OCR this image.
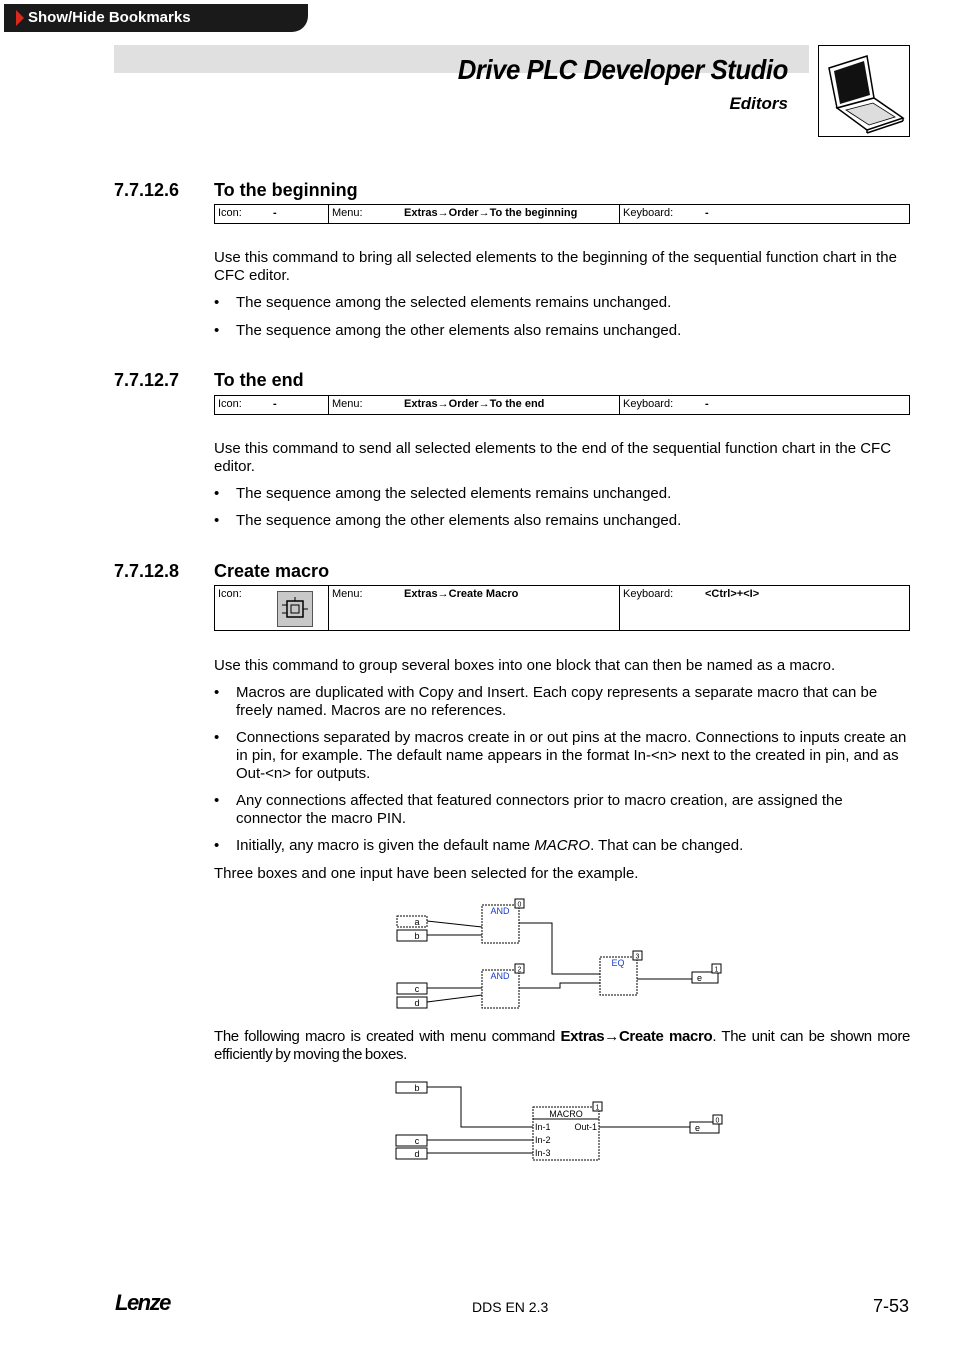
Show/Hide Bookmarks
Drive PLC Developer Studio
Editors
7.7.12.6 To the beginning
Icon:	-	Menu:	Extras→Order→To the beginning	Keyboard:	-
Use this command to bring all selected elements to the beginning of the sequential function chart in the CFC editor.
• The sequence among the selected elements remains unchanged.
• The sequence among the other elements also remains unchanged.
7.7.12.7 To the end
Icon:	-	Menu:	Extras→Order→To the end	Keyboard:	-
Use this command to send all selected elements to the end of the sequential function chart in the CFC editor.
• The sequence among the selected elements remains unchanged.
• The sequence among the other elements also remains unchanged.
7.7.12.8 Create macro
Icon:	Menu:	Extras→Create Macro	Keyboard:	<Ctrl>+<I>
Use this command to group several boxes into one block that can then be named as a macro.
• Macros are duplicated with Copy and Insert. Each copy represents a separate macro that can be freely named. Macros are no references.
• Connections separated by macros create in or out pins at the macro. Connections to inputs create an in pin, for example. The default name appears in the format In-<n> next to the created in pin, and as Out-<n> for outputs.
• Any connections affected that featured connectors prior to macro creation, are assigned the connector the macro PIN.
• Initially, any macro is given the default name MACRO. That can be changed.
Three boxes and one input have been selected for the example.
a
b
c
d
AND
0
AND
2
EQ
3
e
1
The following macro is created with menu command Extras→Create macro. The unit can be shown more efficiently by moving the boxes.
b
c
d
MACRO
In-1
In-2
In-3
Out-1
1
e
0
Lenze	DDS EN 2.3	7-53
